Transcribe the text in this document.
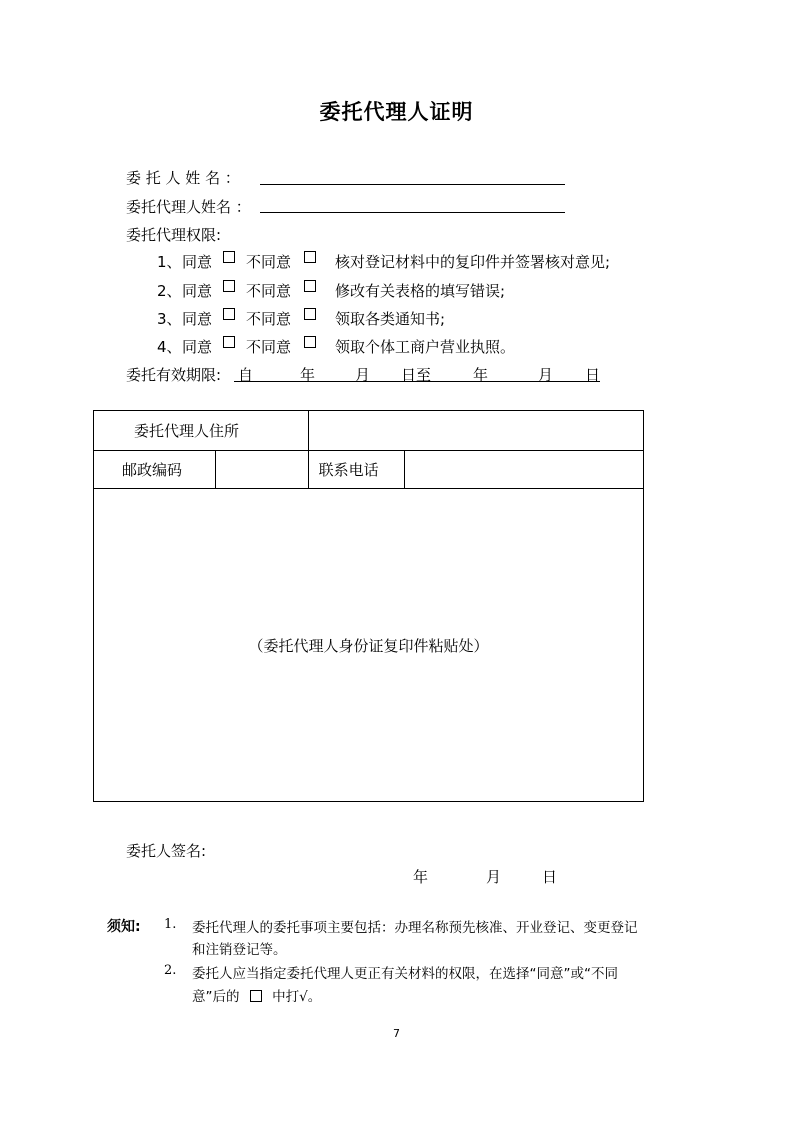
委托代理人证明
委 托 人 姓 名 ：
委托代理人姓名 ：
委托代理权限:
1、 同意 不同意	核对登记材料中的复印件并签署核对意见;
2、 同意 不同意	修改有关表格的填写错误;
3、 同意 不同意	领取各类通知书;
4、 同意 不同意	领取个体工商户营业执照。
委托有效期限: 自	年	月 日至	年	月 日
委托代理人住所			
邮政编码		联系电话	
（委托代理人身份证复印件粘贴处）			
委托人签名:
年	月	日
须知: 1. 委托代理人的委托事项主要包括：办理名称预先核准、开业登记、变更登记
和注销登记等。
2. 委托人应当指定委托代理人更正有关材料的权限，在选择“同意”或“不同
意”后的 中打√。
7
